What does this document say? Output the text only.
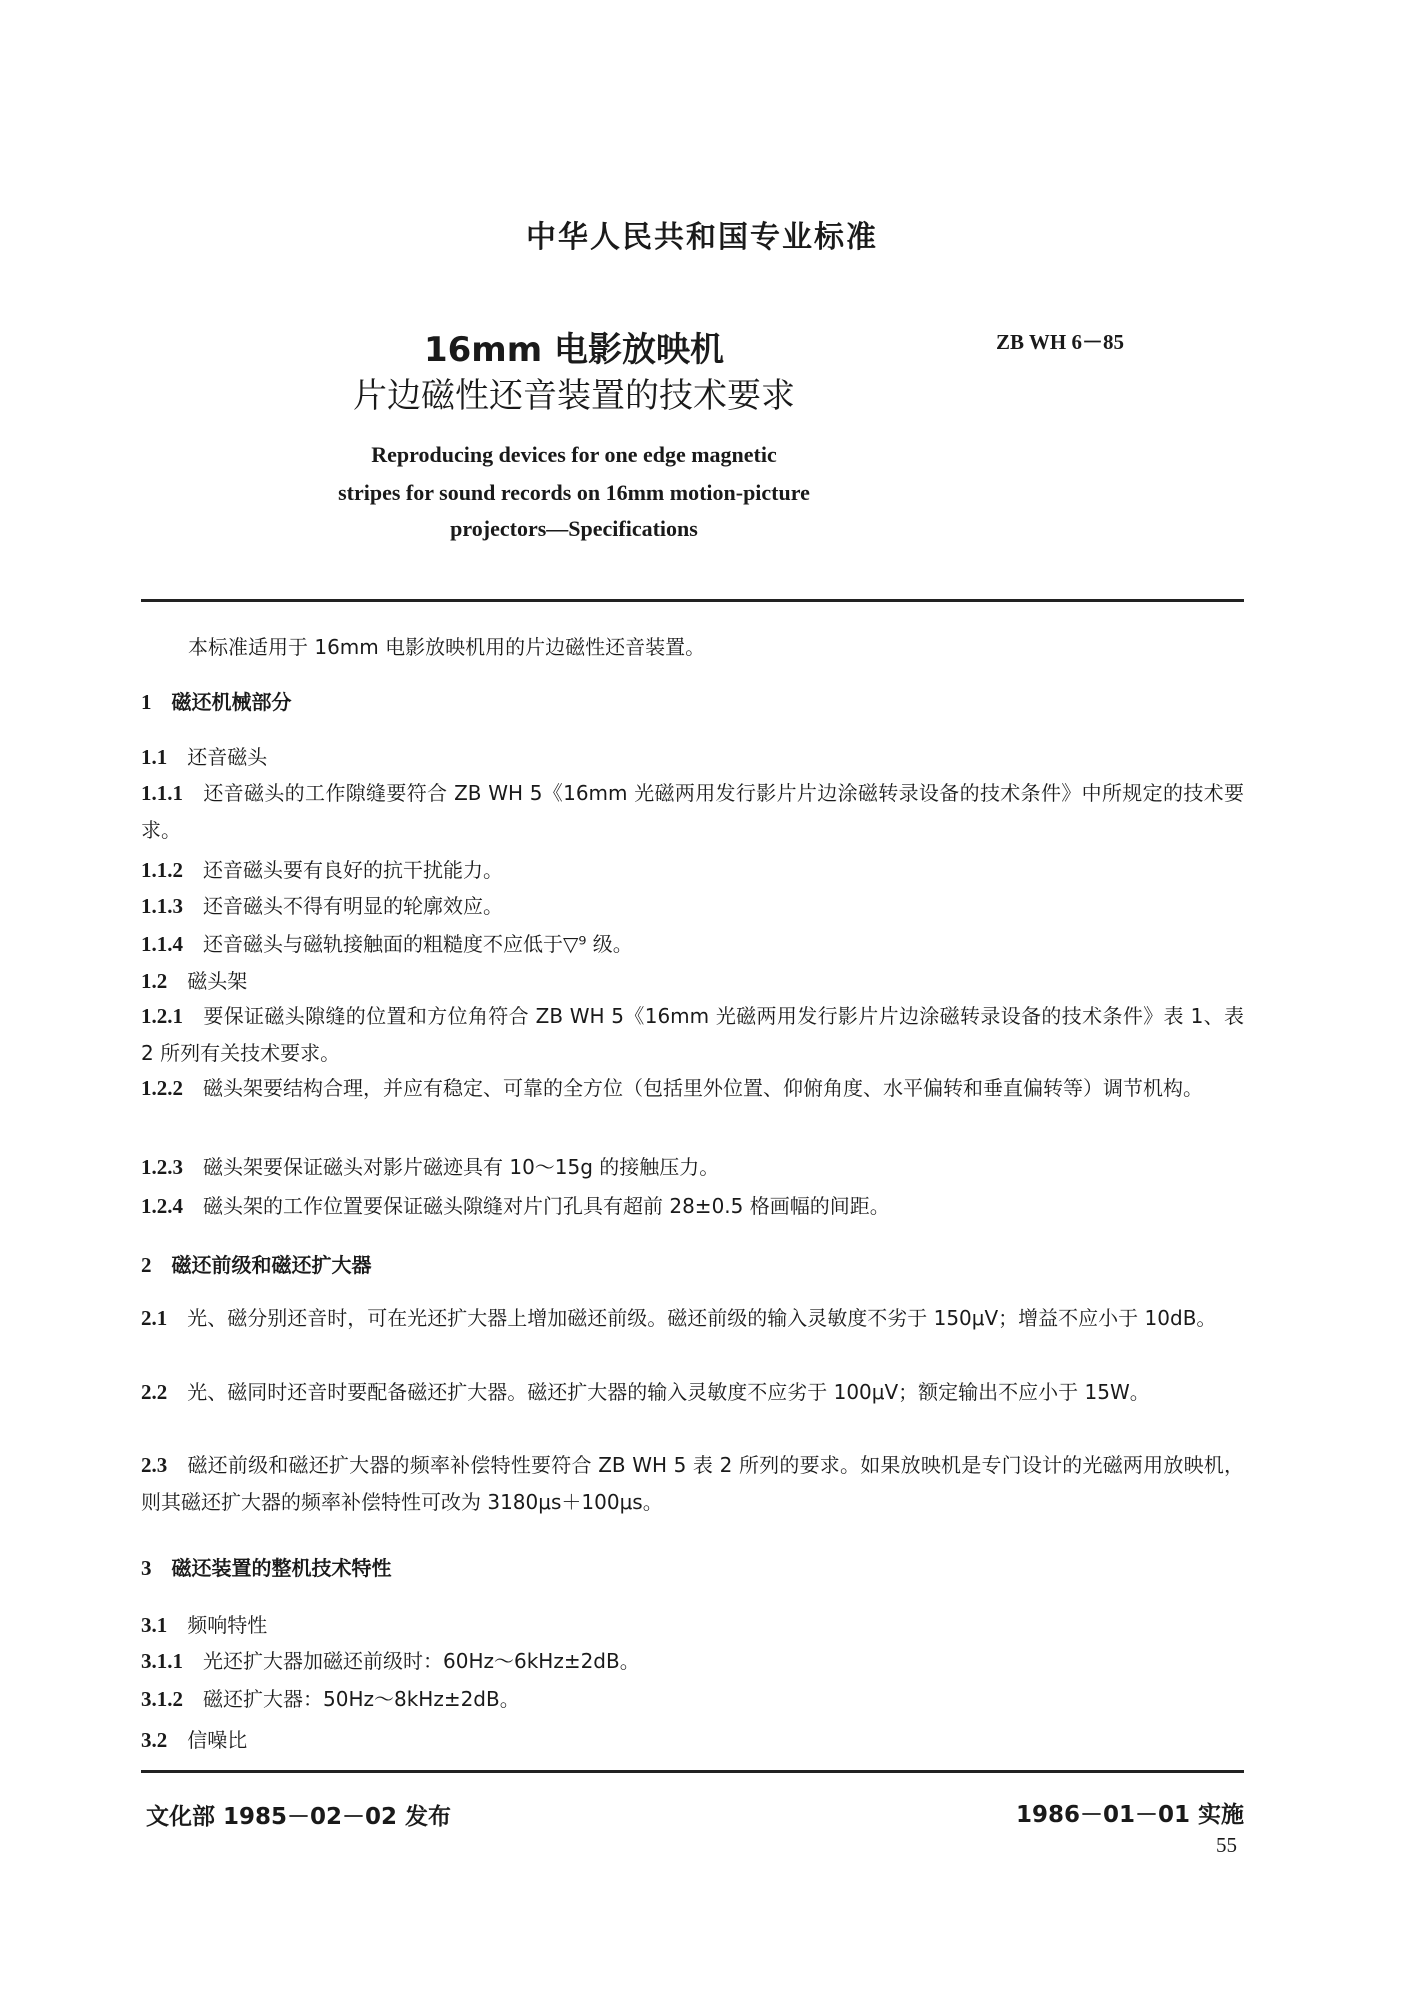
中华人民共和国专业标准
16mm 电影放映机
片边磁性还音装置的技术要求
ZB WH 6－85
Reproducing devices for one edge magnetic
stripes for sound records on 16mm motion-picture
projectors—Specifications
本标准适用于 16mm 电影放映机用的片边磁性还音装置。
1 磁还机械部分
1.1 还音磁头
1.1.1 还音磁头的工作隙缝要符合 ZB WH 5《16mm 光磁两用发行影片片边涂磁转录设备的技术条件》中所规定的技术要求。
1.1.2 还音磁头要有良好的抗干扰能力。
1.1.3 还音磁头不得有明显的轮廓效应。
1.1.4 还音磁头与磁轨接触面的粗糙度不应低于▽⁹ 级。
1.2 磁头架
1.2.1 要保证磁头隙缝的位置和方位角符合 ZB WH 5《16mm 光磁两用发行影片片边涂磁转录设备的技术条件》表 1、表 2 所列有关技术要求。
1.2.2 磁头架要结构合理，并应有稳定、可靠的全方位（包括里外位置、仰俯角度、水平偏转和垂直偏转等）调节机构。
1.2.3 磁头架要保证磁头对影片磁迹具有 10～15g 的接触压力。
1.2.4 磁头架的工作位置要保证磁头隙缝对片门孔具有超前 28±0.5 格画幅的间距。
2 磁还前级和磁还扩大器
2.1 光、磁分别还音时，可在光还扩大器上增加磁还前级。磁还前级的输入灵敏度不劣于 150μV；增益不应小于 10dB。
2.2 光、磁同时还音时要配备磁还扩大器。磁还扩大器的输入灵敏度不应劣于 100μV；额定输出不应小于 15W。
2.3 磁还前级和磁还扩大器的频率补偿特性要符合 ZB WH 5 表 2 所列的要求。如果放映机是专门设计的光磁两用放映机，则其磁还扩大器的频率补偿特性可改为 3180μs＋100μs。
3 磁还装置的整机技术特性
3.1 频响特性
3.1.1 光还扩大器加磁还前级时：60Hz～6kHz±2dB。
3.1.2 磁还扩大器：50Hz～8kHz±2dB。
3.2 信噪比
文化部 1985－02－02 发布	1986－01－01 实施
55
